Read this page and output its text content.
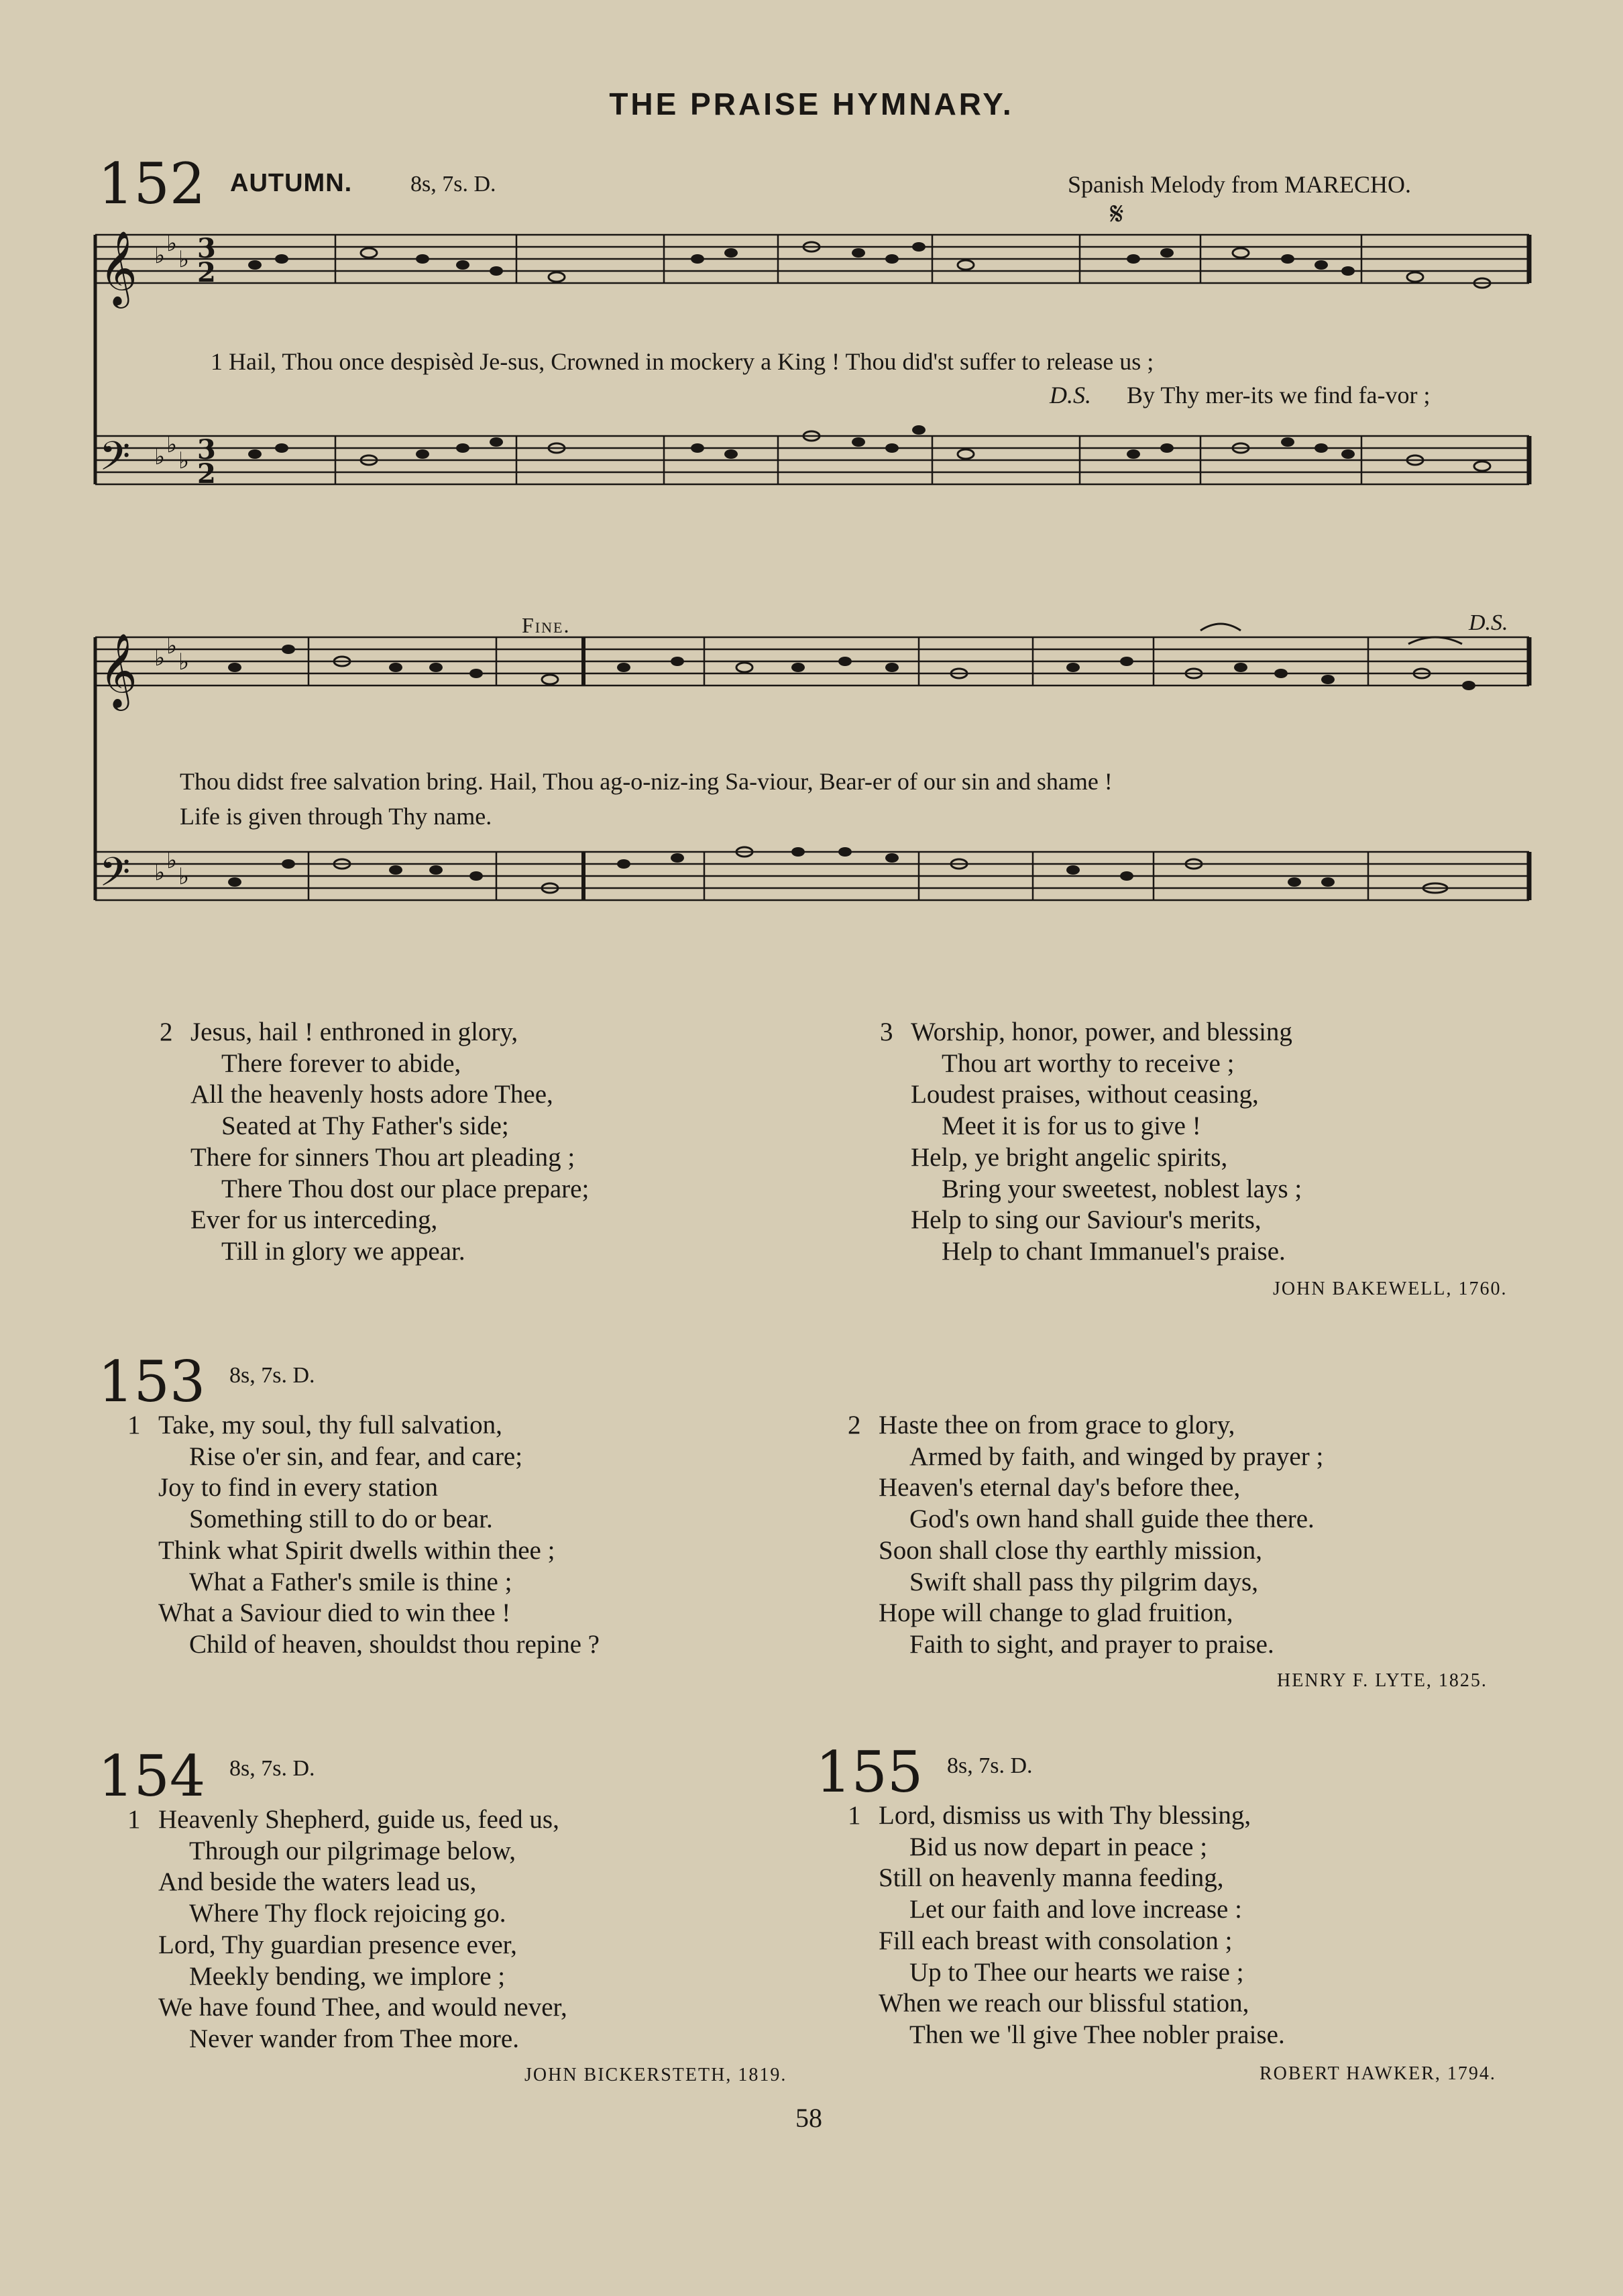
THE PRAISE HYMNARY.
152 AUTUMN.	8s, 7s. D.	Spanish Melody from MARECHO.
𝄋
𝄞
𝄢
♭ ♭
♭
♭ ♭
♭
3
2
3
2
1 Hail, Thou once despisèd Je-sus, Crowned in mockery a King ! Thou did'st suffer to release us ;
D.S. By Thy mer-its we find fa-vor ;
𝄞
𝄢
♭ ♭
♭
♭ ♭
♭
Fine.	D.S.
Thou didst free salvation bring. Hail, Thou ag-o-niz-ing Sa-viour, Bear-er of our sin and shame !
Life is given through Thy name.
2 Jesus, hail ! enthroned in glory,
There forever to abide,
All the heavenly hosts adore Thee,
Seated at Thy Father's side;
There for sinners Thou art pleading ;
There Thou dost our place prepare;
Ever for us interceding,
Till in glory we appear.
3 Worship, honor, power, and blessing
Thou art worthy to receive ;
Loudest praises, without ceasing,
Meet it is for us to give !
Help, ye bright angelic spirits,
Bring your sweetest, noblest lays ;
Help to sing our Saviour's merits,
Help to chant Immanuel's praise.
JOHN BAKEWELL, 1760.
153 8s, 7s. D.
1 Take, my soul, thy full salvation,
Rise o'er sin, and fear, and care;
Joy to find in every station
Something still to do or bear.
Think what Spirit dwells within thee ;
What a Father's smile is thine ;
What a Saviour died to win thee !
Child of heaven, shouldst thou repine ?
2 Haste thee on from grace to glory,
Armed by faith, and winged by prayer ;
Heaven's eternal day's before thee,
God's own hand shall guide thee there.
Soon shall close thy earthly mission,
Swift shall pass thy pilgrim days,
Hope will change to glad fruition,
Faith to sight, and prayer to praise.
HENRY F. LYTE, 1825.
154 8s, 7s. D.
1 Heavenly Shepherd, guide us, feed us,
Through our pilgrimage below,
And beside the waters lead us,
Where Thy flock rejoicing go.
Lord, Thy guardian presence ever,
Meekly bending, we implore ;
We have found Thee, and would never,
Never wander from Thee more.
JOHN BICKERSTETH, 1819.
155 8s, 7s. D.
1 Lord, dismiss us with Thy blessing,
Bid us now depart in peace ;
Still on heavenly manna feeding,
Let our faith and love increase :
Fill each breast with consolation ;
Up to Thee our hearts we raise ;
When we reach our blissful station,
Then we 'll give Thee nobler praise.
ROBERT HAWKER, 1794.
58
